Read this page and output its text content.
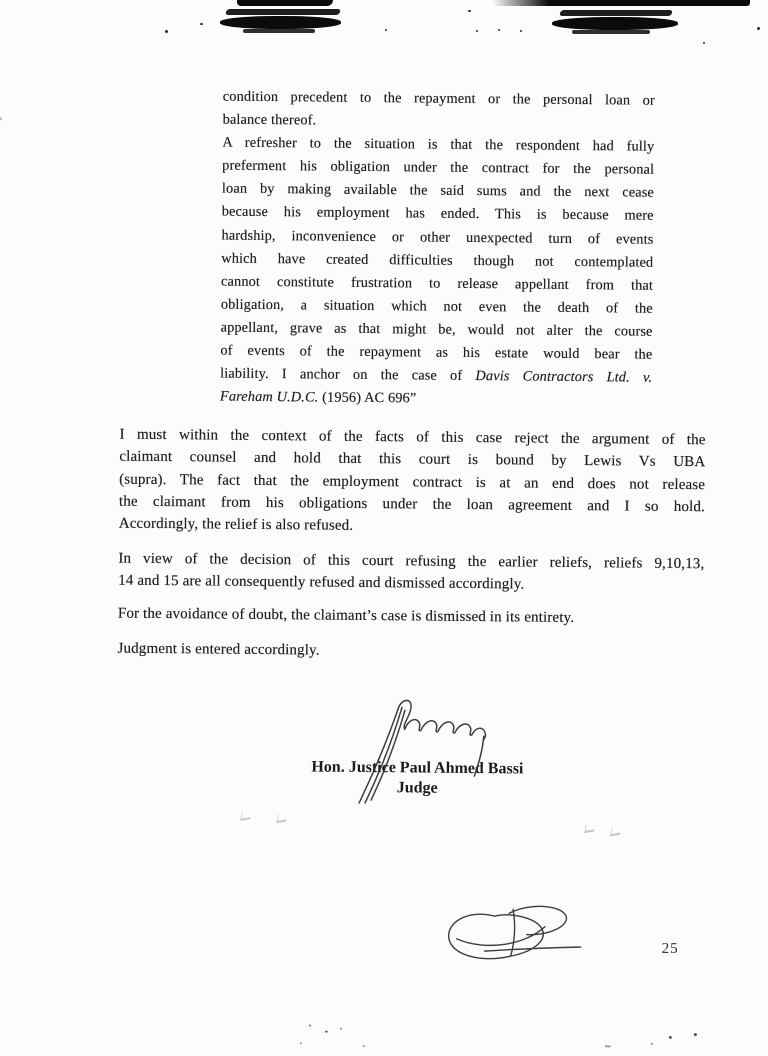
condition precedent to the repayment or the personal loan or
balance thereof.
A refresher to the situation is that the respondent had fully
preferment his obligation under the contract for the personal
loan by making available the said sums and the next cease
because his employment has ended. This is because mere
hardship, inconvenience or other unexpected turn of events
which have created difficulties though not contemplated
cannot constitute frustration to release appellant from that
obligation, a situation which not even the death of the
appellant, grave as that might be, would not alter the course
of events of the repayment as his estate would bear the
liability. I anchor on the case of Davis Contractors Ltd. v.
Fareham U.D.C. (1956) AC 696”
I must within the context of the facts of this case reject the argument of the
claimant counsel and hold that this court is bound by Lewis Vs UBA
(supra). The fact that the employment contract is at an end does not release
the claimant from his obligations under the loan agreement and I so hold.
Accordingly, the relief is also refused.
In view of the decision of this court refusing the earlier reliefs, reliefs 9,10,13,
14 and 15 are all consequently refused and dismissed accordingly.
For the avoidance of doubt, the claimant’s case is dismissed in its entirety.
Judgment is entered accordingly.
Hon. Justice Paul Ahmed Bassi
Judge
25
